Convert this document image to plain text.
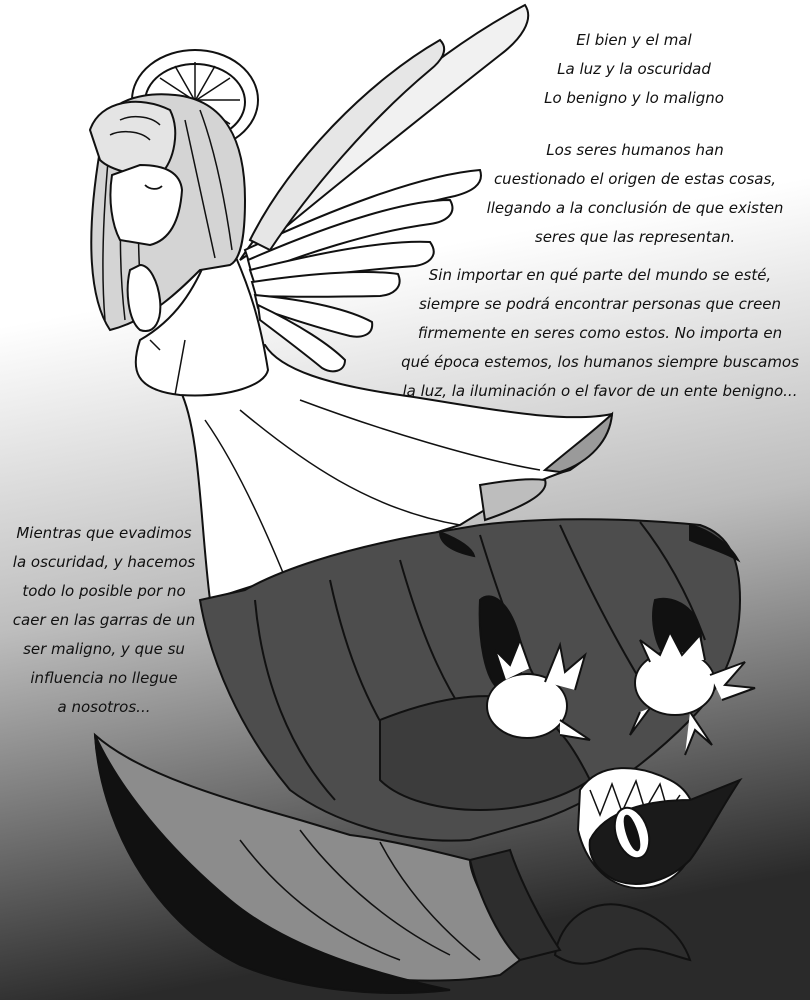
El bien y el mal
La luz y la oscuridad
Lo benigno y lo maligno
Los seres humanos han
cuestionado el origen de estas cosas,
llegando a la conclusión de que existen
seres que las representan.
Sin importar en qué parte del mundo se esté,
siempre se podrá encontrar personas que creen
firmemente en seres como estos. No importa en
qué época estemos, los humanos siempre buscamos
la luz, la iluminación o el favor de un ente benigno...
Mientras que evadimos
la oscuridad, y hacemos
todo lo posible por no
caer en las garras de un
ser maligno, y que su
influencia no llegue
a nosotros...
